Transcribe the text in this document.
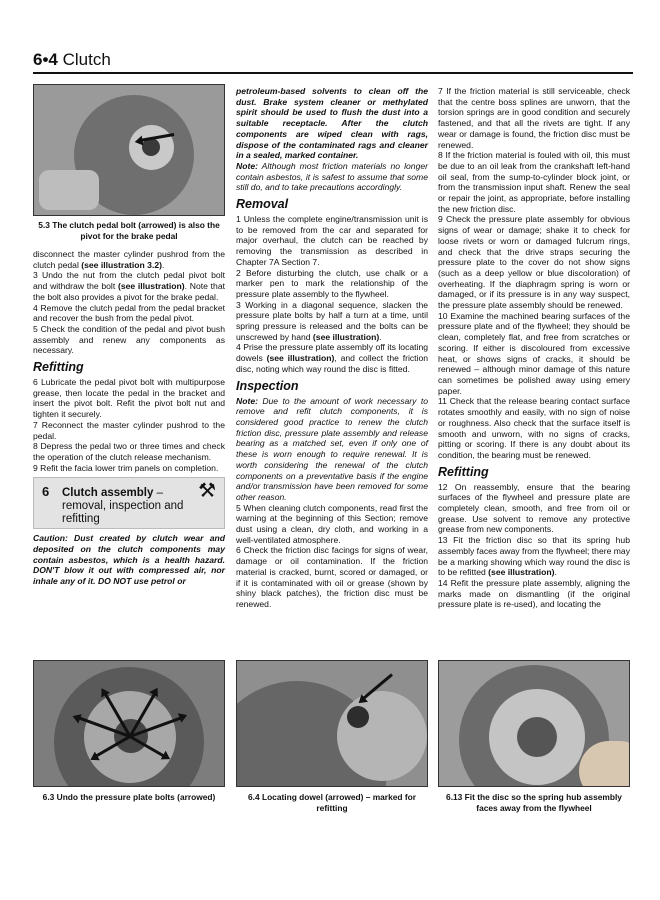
6•4 Clutch

5.3 The clutch pedal bolt (arrowed) is also the pivot for the brake pedal

disconnect the master cylinder pushrod from the clutch pedal (see illustration 3.2).

3 Undo the nut from the clutch pedal pivot bolt and withdraw the bolt (see illustration). Note that the bolt also provides a pivot for the brake pedal.

4 Remove the clutch pedal from the pedal bracket and recover the bush from the pedal pivot.

5 Check the condition of the pedal and pivot bush assembly and renew any components as necessary.

Refitting

6 Lubricate the pedal pivot bolt with multipurpose grease, then locate the pedal in the bracket and insert the pivot bolt. Refit the pivot bolt nut and tighten it securely.

7 Reconnect the master cylinder pushrod to the pedal.

8 Depress the pedal two or three times and check the operation of the clutch release mechanism.

9 Refit the facia lower trim panels on completion.

6 Clutch assembly – removal, inspection and refitting
⚒

Caution: Dust created by clutch wear and deposited on the clutch components may contain asbestos, which is a health hazard. DON'T blow it out with compressed air, nor inhale any of it. DO NOT use petrol or

petroleum-based solvents to clean off the dust. Brake system cleaner or methylated spirit should be used to flush the dust into a suitable receptacle. After the clutch components are wiped clean with rags, dispose of the contaminated rags and cleaner in a sealed, marked container.

Note: Although most friction materials no longer contain asbestos, it is safest to assume that some still do, and to take precautions accordingly.

Removal

1 Unless the complete engine/transmission unit is to be removed from the car and separated for major overhaul, the clutch can be reached by removing the transmission as described in Chapter 7A Section 7.

2 Before disturbing the clutch, use chalk or a marker pen to mark the relationship of the pressure plate assembly to the flywheel.

3 Working in a diagonal sequence, slacken the pressure plate bolts by half a turn at a time, until spring pressure is released and the bolts can be unscrewed by hand (see illustration).

4 Prise the pressure plate assembly off its locating dowels (see illustration), and collect the friction disc, noting which way round the disc is fitted.

Inspection

Note: Due to the amount of work necessary to remove and refit clutch components, it is considered good practice to renew the clutch friction disc, pressure plate assembly and release bearing as a matched set, even if only one of these is worn enough to require renewal. It is worth considering the renewal of the clutch components on a preventative basis if the engine and/or transmission have been removed for some other reason.

5 When cleaning clutch components, read first the warning at the beginning of this Section; remove dust using a clean, dry cloth, and working in a well-ventilated atmosphere.

6 Check the friction disc facings for signs of wear, damage or oil contamination. If the friction material is cracked, burnt, scored or damaged, or if it is contaminated with oil or grease (shown by shiny black patches), the friction disc must be renewed.

7 If the friction material is still serviceable, check that the centre boss splines are unworn, that the torsion springs are in good condition and securely fastened, and that all the rivets are tight. If any wear or damage is found, the friction disc must be renewed.

8 If the friction material is fouled with oil, this must be due to an oil leak from the crankshaft left-hand oil seal, from the sump-to-cylinder block joint, or from the transmission input shaft. Renew the seal or repair the joint, as appropriate, before installing the new friction disc.

9 Check the pressure plate assembly for obvious signs of wear or damage; shake it to check for loose rivets or worn or damaged fulcrum rings, and check that the drive straps securing the pressure plate to the cover do not show signs (such as a deep yellow or blue discoloration) of overheating. If the diaphragm spring is worn or damaged, or if its pressure is in any way suspect, the pressure plate assembly should be renewed.

10 Examine the machined bearing surfaces of the pressure plate and of the flywheel; they should be clean, completely flat, and free from scratches or scoring. If either is discoloured from excessive heat, or shows signs of cracks, it should be renewed – although minor damage of this nature can sometimes be polished away using emery paper.

11 Check that the release bearing contact surface rotates smoothly and easily, with no sign of noise or roughness. Also check that the surface itself is smooth and unworn, with no signs of cracks, pitting or scoring. If there is any doubt about its condition, the bearing must be renewed.

Refitting

12 On reassembly, ensure that the bearing surfaces of the flywheel and pressure plate are completely clean, smooth, and free from oil or grease. Use solvent to remove any protective grease from new components.

13 Fit the friction disc so that its spring hub assembly faces away from the flywheel; there may be a marking showing which way round the disc is to be refitted (see illustration).

14 Refit the pressure plate assembly, aligning the marks made on dismantling (if the original pressure plate is re-used), and locating the

6.3 Undo the pressure plate bolts (arrowed)	6.4 Locating dowel (arrowed) – marked for refitting

6.13 Fit the disc so the spring hub assembly faces away from the flywheel
